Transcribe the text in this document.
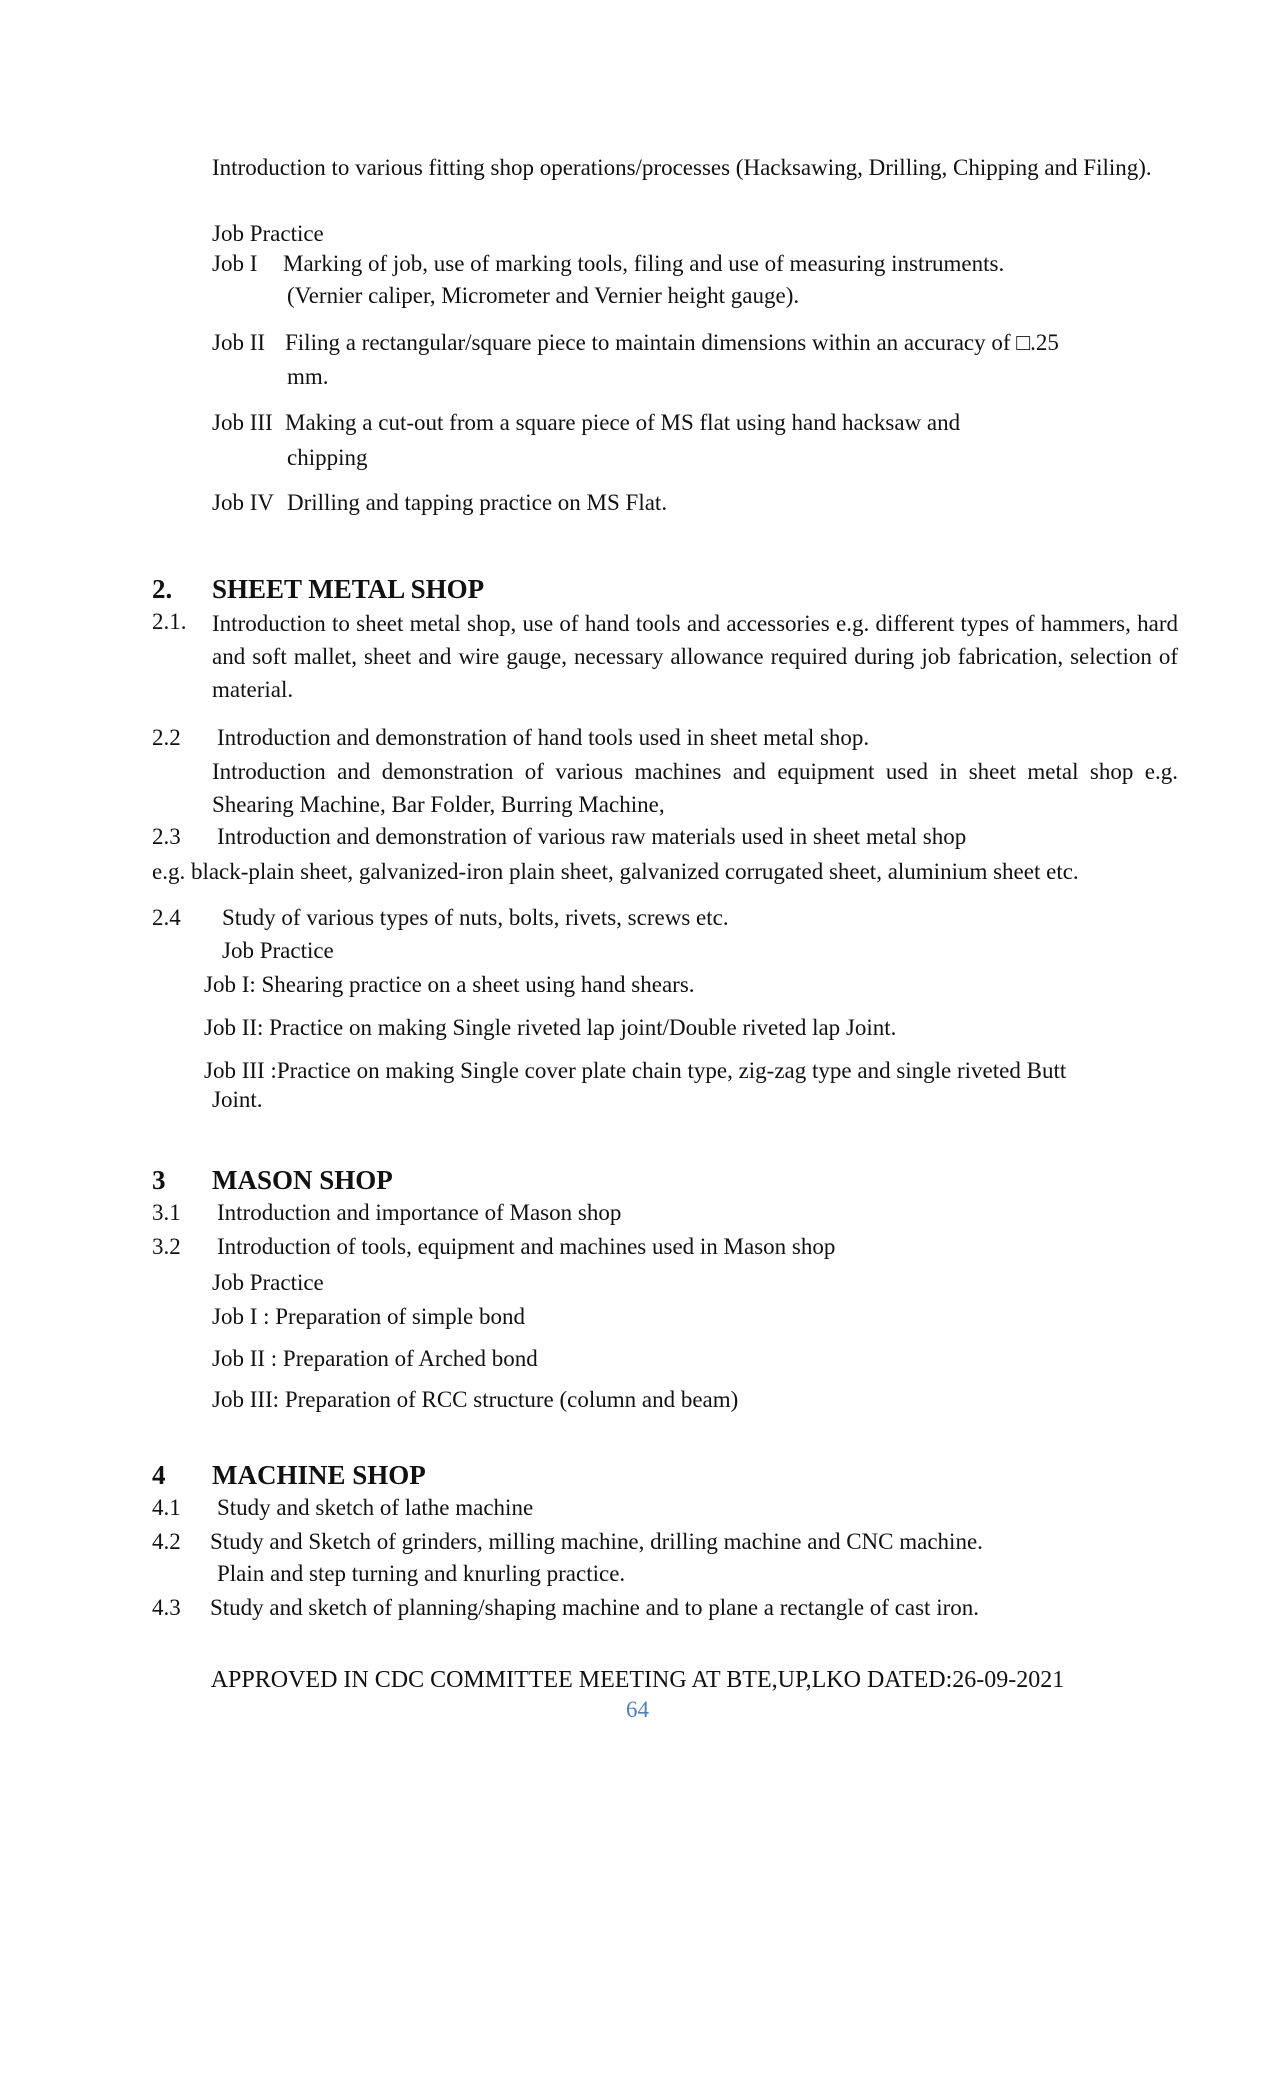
Introduction to various fitting shop operations/processes (Hacksawing, Drilling, Chipping and Filing).
Job Practice
Job I Marking of job, use of marking tools, filing and use of measuring instruments.
(Vernier caliper, Micrometer and Vernier height gauge).
Job II Filing a rectangular/square piece to maintain dimensions within an accuracy of □.25
mm.
Job III Making a cut-out from a square piece of MS flat using hand hacksaw and
chipping
Job IV Drilling and tapping practice on MS Flat.
2. SHEET METAL SHOP
2.1. Introduction to sheet metal shop, use of hand tools and accessories e.g. different types of hammers, hard and soft mallet, sheet and wire gauge, necessary allowance required during job fabrication, selection of material.
2.2 Introduction and demonstration of hand tools used in sheet metal shop.
Introduction and demonstration of various machines and equipment used in sheet metal shop e.g. Shearing Machine, Bar Folder, Burring Machine,
2.3 Introduction and demonstration of various raw materials used in sheet metal shop
e.g. black-plain sheet, galvanized-iron plain sheet, galvanized corrugated sheet, aluminium sheet etc.
2.4 Study of various types of nuts, bolts, rivets, screws etc.
Job Practice
Job I: Shearing practice on a sheet using hand shears.
Job II: Practice on making Single riveted lap joint/Double riveted lap Joint.
Job III :Practice on making Single cover plate chain type, zig-zag type and single riveted Butt
Joint.
3 MASON SHOP
3.1 Introduction and importance of Mason shop
3.2 Introduction of tools, equipment and machines used in Mason shop
Job Practice
Job I : Preparation of simple bond
Job II : Preparation of Arched bond
Job III: Preparation of RCC structure (column and beam)
4 MACHINE SHOP
4.1 Study and sketch of lathe machine
4.2 Study and Sketch of grinders, milling machine, drilling machine and CNC machine.
Plain and step turning and knurling practice.
4.3 Study and sketch of planning/shaping machine and to plane a rectangle of cast iron.
APPROVED IN CDC COMMITTEE MEETING AT BTE,UP,LKO DATED:26-09-2021
64
